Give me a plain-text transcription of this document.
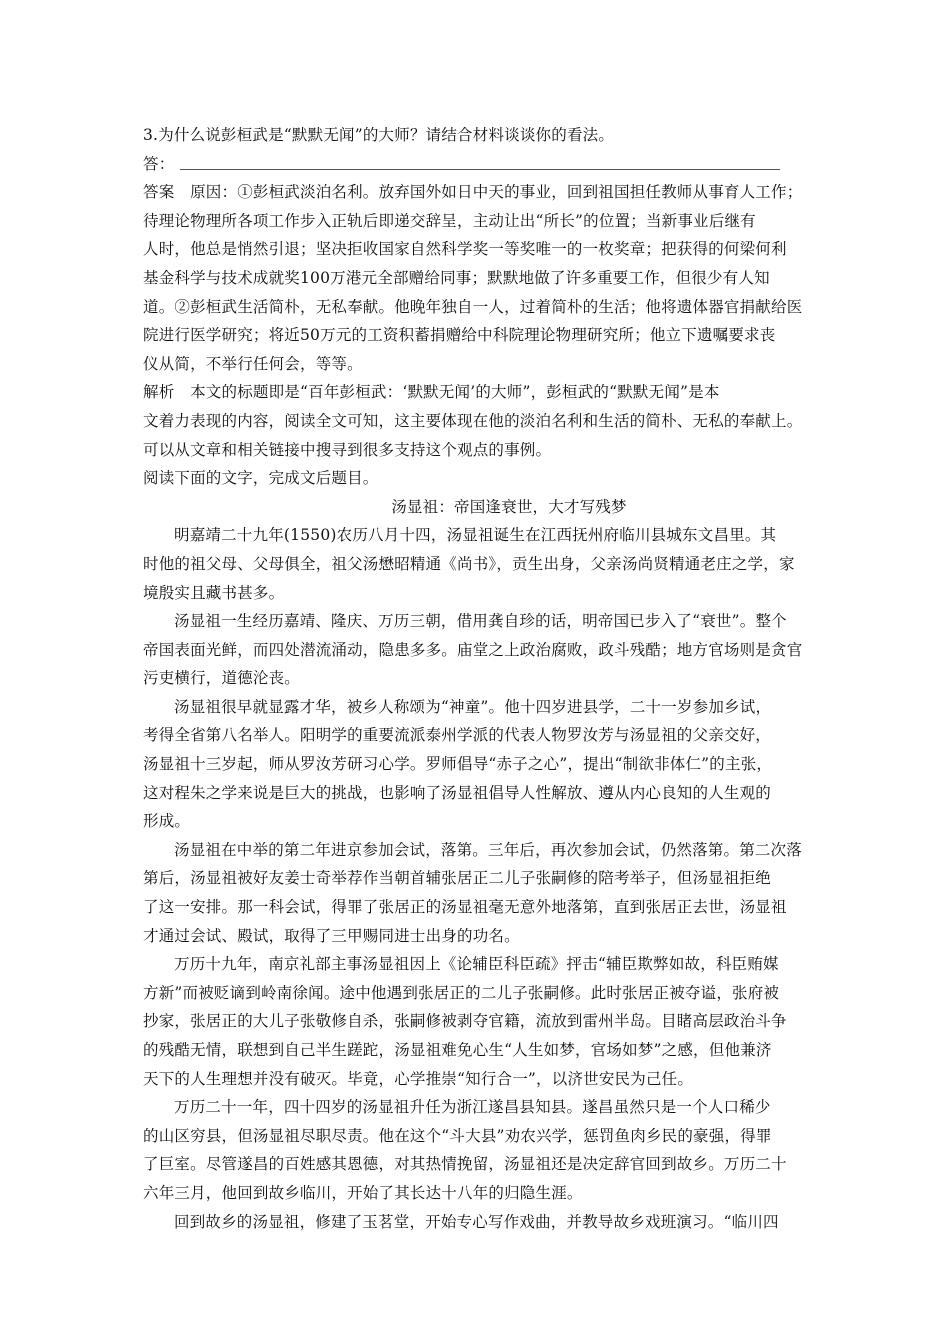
3.为什么说彭桓武是“默默无闻”的大师？请结合材料谈谈你的看法。
答：
答案　原因：①彭桓武淡泊名利。放弃国外如日中天的事业，回到祖国担任教师从事育人工作；
待理论物理所各项工作步入正轨后即递交辞呈，主动让出“所长”的位置；当新事业后继有
人时，他总是悄然引退；坚决拒收国家自然科学奖一等奖唯一的一枚奖章；把获得的何梁何利
基金科学与技术成就奖100万港元全部赠给同事；默默地做了许多重要工作，但很少有人知
道。②彭桓武生活简朴，无私奉献。他晚年独自一人，过着简朴的生活；他将遗体器官捐献给医
院进行医学研究；将近50万元的工资积蓄捐赠给中科院理论物理研究所；他立下遗嘱要求丧
仪从简，不举行任何会，等等。
解析　本文的标题即是“百年彭桓武：‘默默无闻’的大师”，彭桓武的“默默无闻”是本
文着力表现的内容，阅读全文可知，这主要体现在他的淡泊名利和生活的简朴、无私的奉献上。
可以从文章和相关链接中搜寻到很多支持这个观点的事例。
阅读下面的文字，完成文后题目。
汤显祖：帝国逢衰世，大才写残梦
明嘉靖二十九年(1550)农历八月十四，汤显祖诞生在江西抚州府临川县城东文昌里。其
时他的祖父母、父母俱全，祖父汤懋昭精通《尚书》，贡生出身，父亲汤尚贤精通老庄之学，家
境殷实且藏书甚多。
汤显祖一生经历嘉靖、隆庆、万历三朝，借用龚自珍的话，明帝国已步入了“衰世”。整个
帝国表面光鲜，而四处潜流涌动，隐患多多。庙堂之上政治腐败，政斗残酷；地方官场则是贪官
污吏横行，道德沦丧。
汤显祖很早就显露才华，被乡人称颂为“神童”。他十四岁进县学，二十一岁参加乡试，
考得全省第八名举人。阳明学的重要流派泰州学派的代表人物罗汝芳与汤显祖的父亲交好，
汤显祖十三岁起，师从罗汝芳研习心学。罗师倡导“赤子之心”，提出“制欲非体仁”的主张，
这对程朱之学来说是巨大的挑战，也影响了汤显祖倡导人性解放、遵从内心良知的人生观的
形成。
汤显祖在中举的第二年进京参加会试，落第。三年后，再次参加会试，仍然落第。第二次落
第后，汤显祖被好友姜士奇举荐作当朝首辅张居正二儿子张嗣修的陪考举子，但汤显祖拒绝
了这一安排。那一科会试，得罪了张居正的汤显祖毫无意外地落第，直到张居正去世，汤显祖
才通过会试、殿试，取得了三甲赐同进士出身的功名。
万历十九年，南京礼部主事汤显祖因上《论辅臣科臣疏》抨击“辅臣欺弊如故，科臣贿媒
方新”而被贬谪到岭南徐闻。途中他遇到张居正的二儿子张嗣修。此时张居正被夺谥，张府被
抄家，张居正的大儿子张敬修自杀，张嗣修被剥夺官籍，流放到雷州半岛。目睹高层政治斗争
的残酷无情，联想到自己半生蹉跎，汤显祖难免心生“人生如梦，官场如梦”之感，但他兼济
天下的人生理想并没有破灭。毕竟，心学推崇“知行合一”，以济世安民为己任。
万历二十一年，四十四岁的汤显祖升任为浙江遂昌县知县。遂昌虽然只是一个人口稀少
的山区穷县，但汤显祖尽职尽责。他在这个“斗大县”劝农兴学，惩罚鱼肉乡民的豪强，得罪
了巨室。尽管遂昌的百姓感其恩德，对其热情挽留，汤显祖还是决定辞官回到故乡。万历二十
六年三月，他回到故乡临川，开始了其长达十八年的归隐生涯。
回到故乡的汤显祖，修建了玉茗堂，开始专心写作戏曲，并教导故乡戏班演习。“临川四
